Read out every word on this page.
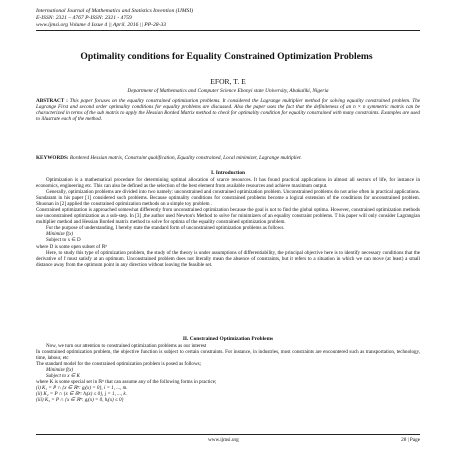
International Journal of Mathematics and Statistics Invention (IJMSI)
E-ISSN: 2321 – 4767 P-ISSN: 2321 - 4759
www.ijmsi.org Volume 4 Issue 4 || April. 2016 || PP-28-33
Optimality conditions for Equality Constrained Optimization Problems
EFOR, T. E
Department of Mathematics and Computer Science Ebonyi state University, Abakaliki, Nigeria
ABSTRACT : This paper focuses on the equality constrained optimization problems. It considered the Lagrange multiplier method for solving equality constrained problem. The Lagrange First and second order optimality conditions for equality problems are discussed. Also the paper uses the fact that the definiteness of an n × n symmetric matrix can be characterized in terms of the sub matrix to apply the Hessian Borded Matrix method to check for optimality condition for equality constrained with many constraints. Examples are used to illustrate each of the method.
KEYWORDS: Bordered Hessian matrix, Constraint qualification, Equality constrained, Local minimizer, Lagrange multiplier.
I. Introduction

Optimization is a mathematical procedure for determining optimal allocation of scarce resources. It has found practical applications in almost all sectors of life, for instance in economics, engineering etc. This can also be defined as the selection of the best element from available resources and achieve maximum output.

Generally, optimization problems are divided into two namely: unconstrained and constrained optimization problem. Unconstrained problems do not arise often in practical applications. Sundaram in his paper [1] considered such problems. Because optimality conditions for constrained problems become a logical extension of the conditions for unconstrained problem. Shuonan in [2] applied the constrained optimization methods on a simple toy problem .

Constrained optimization is approached somewhat differently from unconstrained optimization because the goal is not to find the global optima. However, constrained optimization methods use unconstrained optimization as a sub-step. In [3] ,the author used Newton's Method to solve for minimizers of an equality constraint problems. T his paper will only consider Lagrangian multiplier method and Hessian Borded matrix method to solve for optima of the equality constrained optimization problem.

For the purpose of understanding, I hereby state the standard form of unconstrained optimization problems as follows.

Minimize f(x)

Subject to x ∈ D

where D is some open subset of ℝⁿ

Here, to study this type of optimization problem, the study of the theory is under assumptions of differentiability, the principal objective here is to identify necessary conditions that the derivative of f must satisfy at an optimum. Unconstrained problem does not literally mean the absence of constraints, but it refers to a situation in which we can move (at least) a small distance away from the optimum point in any direction without leaving the feasible set.

II. Constrained Optimization Problems

Now, we turn our attention to constrained optimization problems as our interest

In constrained optimization problem, the objective function is subject to certain constraints. For instance, in industries, most constraints are encountered such as transportation, technology, time, labour, etc

The standard model for the constrained optimization problem is posed as follows;

Minimize f(x)

Subject to x ∈ K

where K is some special set in ℝⁿ that can assume any of the following forms in practice;

(i) K₁ = P ∩ {x ∈ ℝⁿ: gⱼ(x) = 0}, i = 1, ..., m.

(ii) K₂ = P ∩ {x ∈ ℝⁿ: hⱼ(x) ≤ 0}, j = 1, ..., k.

(iii) K₃ = P ∩ {x ∈ ℝⁿ: gⱼ(x) = 0, hⱼ(x) ≤ 0}

www.ijmsi.org	28 | Page
